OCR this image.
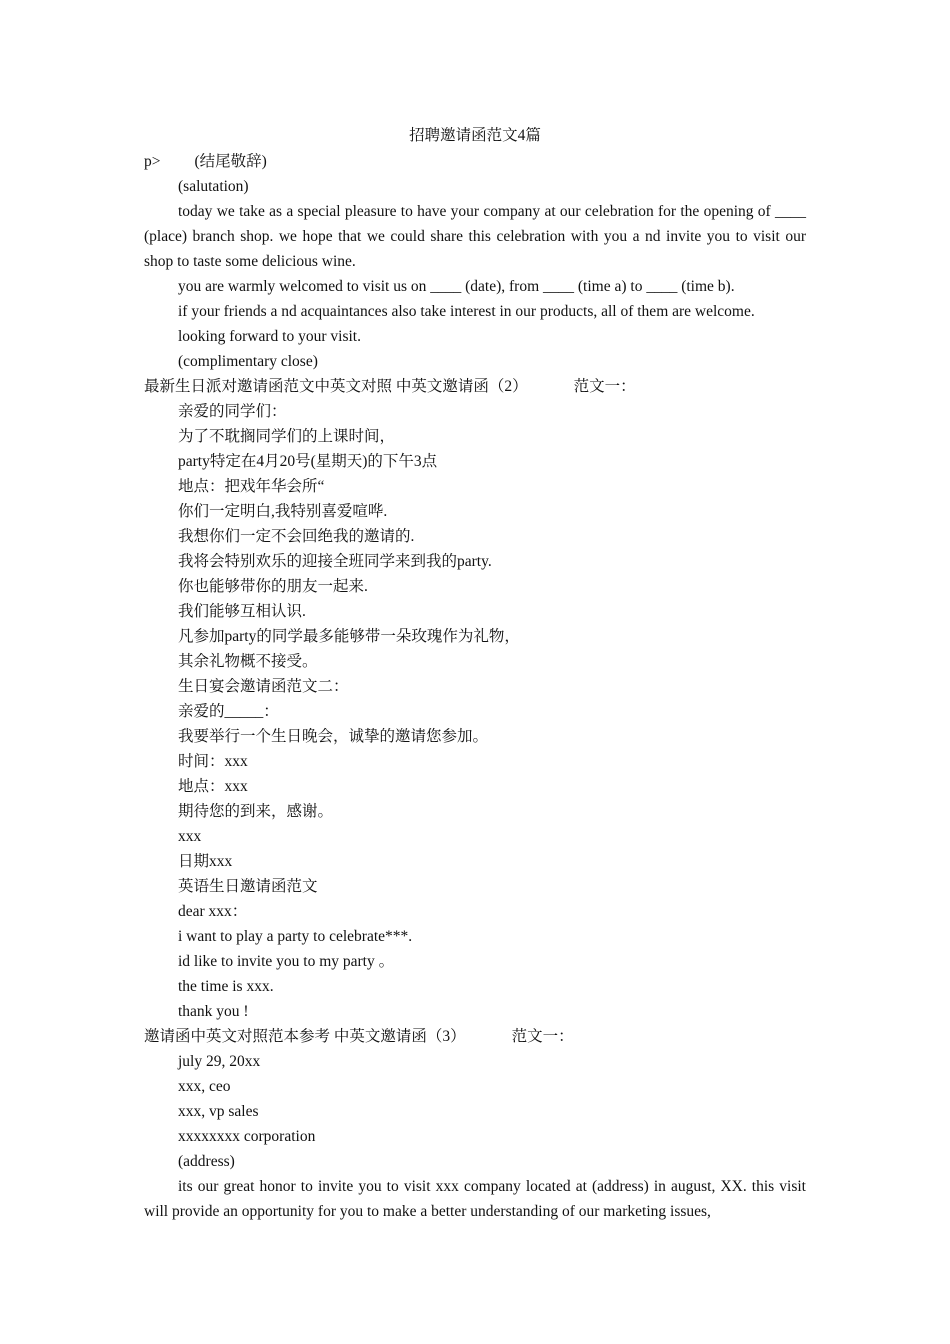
招聘邀请函范文4篇
p> (结尾敬辞)
(salutation)
today we take as a special pleasure to have your company at our celebration for the opening of ____ (place) branch shop. we hope that we could share this celebration with you a nd invite you to visit our shop to taste some delicious wine.
you are warmly welcomed to visit us on ____ (date), from ____ (time a) to ____ (time b).
if your friends a nd acquaintances also take interest in our products, all of them are welcome.
looking forward to your visit.
(complimentary close)
最新生日派对邀请函范文中英文对照 中英文邀请函（2）	范文一：
亲爱的同学们：
为了不耽搁同学们的上课时间，
party特定在4月20号(星期天)的下午3点
地点：把戏年华会所“
你们一定明白,我特别喜爱喧哗.
我想你们一定不会回绝我的邀请的.
我将会特别欢乐的迎接全班同学来到我的party.
你也能够带你的朋友一起来.
我们能够互相认识.
凡参加party的同学最多能够带一朵玫瑰作为礼物，
其余礼物概不接受。
生日宴会邀请函范文二：
亲爱的_____：
我要举行一个生日晚会，诚挚的邀请您参加。
时间：xxx
地点：xxx
期待您的到来，感谢。
xxx
日期xxx
英语生日邀请函范文
dear xxx：
i want to play a party to celebrate***.
id like to invite you to my party 。
the time is xxx.
thank you !
邀请函中英文对照范本参考 中英文邀请函（3）	范文一：
july 29, 20xx
xxx, ceo
xxx, vp sales
xxxxxxxx corporation
(address)
its our great honor to invite you to visit xxx company located at (address) in august, XX. this visit will provide an opportunity for you to make a better understanding of our marketing issues,
